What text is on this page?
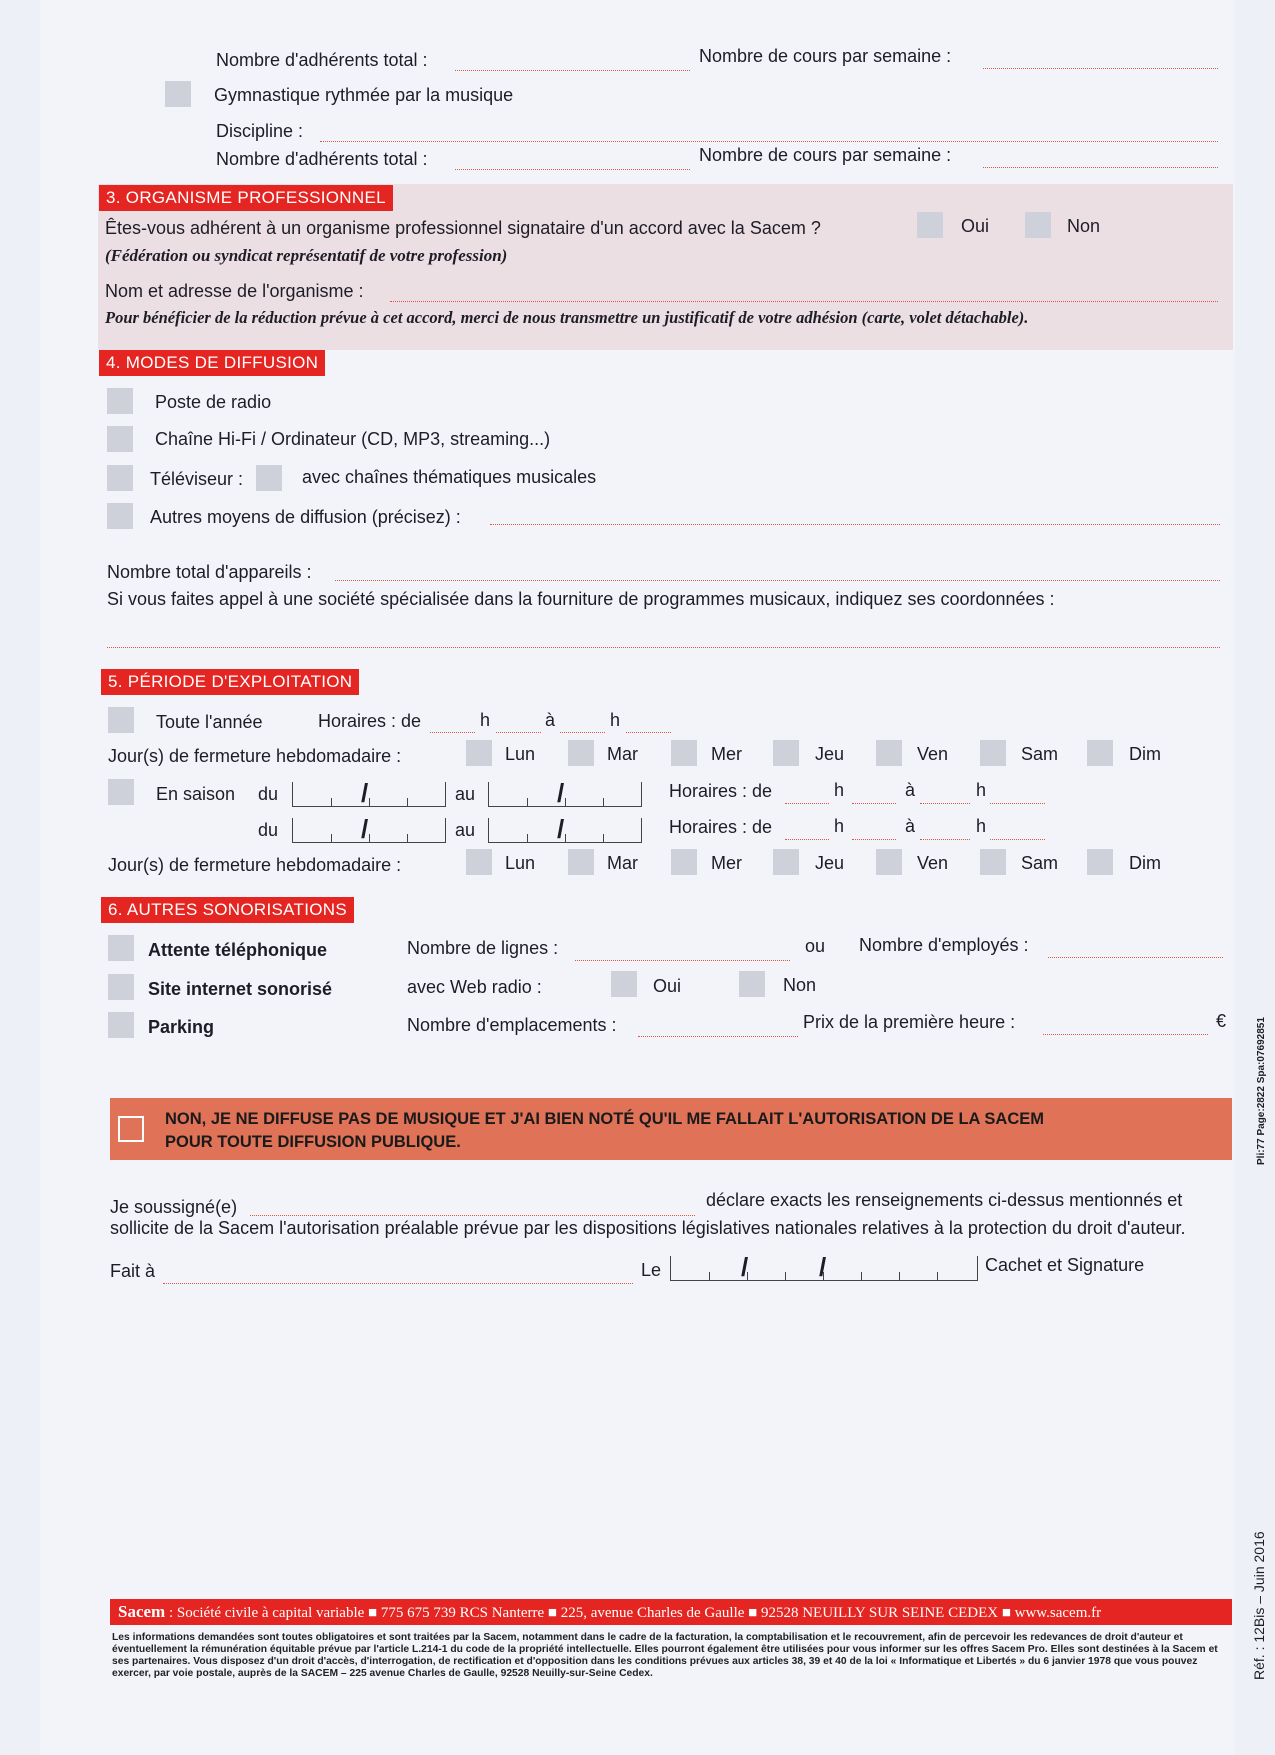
Nombre d'adhérents total :	Nombre de cours par semaine :
Gymnastique rythmée par la musique
Discipline :
Nombre d'adhérents total :	Nombre de cours par semaine :
3. ORGANISME PROFESSIONNEL
Êtes-vous adhérent à un organisme professionnel signataire d'un accord avec la Sacem ?	Oui	Non
(Fédération ou syndicat représentatif de votre profession)
Nom et adresse de l'organisme :
Pour bénéficier de la réduction prévue à cet accord, merci de nous transmettre un justificatif de votre adhésion (carte, volet détachable).
4. MODES DE DIFFUSION
Poste de radio
Chaîne Hi-Fi / Ordinateur (CD, MP3, streaming...)
Téléviseur :	avec chaînes thématiques musicales
Autres moyens de diffusion (précisez) :
Nombre total d'appareils :
Si vous faites appel à une société spécialisée dans la fourniture de programmes musicaux, indiquez ses coordonnées :
5. PÉRIODE D'EXPLOITATION
Toute l'année	Horaires : de	h	à	h
Jour(s) de fermeture hebdomadaire :	Lun	Mar	Mer	Jeu	Ven	Sam	Dim
En saison du	/	au	/	Horaires : de	h	à	h
du	/	au	/	Horaires : de	h	à	h
Jour(s) de fermeture hebdomadaire :	Lun	Mar	Mer	Jeu	Ven	Sam	Dim
6. AUTRES SONORISATIONS
Attente téléphonique	Nombre de lignes :	ou Nombre d'employés :
Site internet sonorisé	avec Web radio :	Oui	Non
Parking	Nombre d'emplacements :	Prix de la première heure :	€
NON, JE NE DIFFUSE PAS DE MUSIQUE ET J'AI BIEN NOTÉ QU'IL ME FALLAIT L'AUTORISATION DE LA SACEM
POUR TOUTE DIFFUSION PUBLIQUE.
Je soussigné(e)	déclare exacts les renseignements ci-dessus mentionnés et
sollicite de la Sacem l'autorisation préalable prévue par les dispositions législatives nationales relatives à la protection du droit d'auteur.
Fait à	Le	/	/	Cachet et Signature
Sacem : Société civile à capital variable ■ 775 675 739 RCS Nanterre ■ 225, avenue Charles de Gaulle ■ 92528 NEUILLY SUR SEINE CEDEX ■ www.sacem.fr
Les informations demandées sont toutes obligatoires et sont traitées par la Sacem, notamment dans le cadre de la facturation, la comptabilisation et le recouvrement, afin de percevoir les redevances de droit d'auteur et éventuellement la rémunération équitable prévue par l'article L.214-1 du code de la propriété intellectuelle. Elles pourront également être utilisées pour vous informer sur les offres Sacem Pro. Elles sont destinées à la Sacem et ses partenaires. Vous disposez d'un droit d'accès, d'interrogation, de rectification et d'opposition dans les conditions prévues aux articles 38, 39 et 40 de la loi « Informatique et Libertés » du 6 janvier 1978 que vous pouvez exercer, par voie postale, auprès de la SACEM – 225 avenue Charles de Gaulle, 92528 Neuilly-sur-Seine Cedex.	Réf. : 12Bis – Juin 2016
Pli:77 Page:2822 Spa:07692851
